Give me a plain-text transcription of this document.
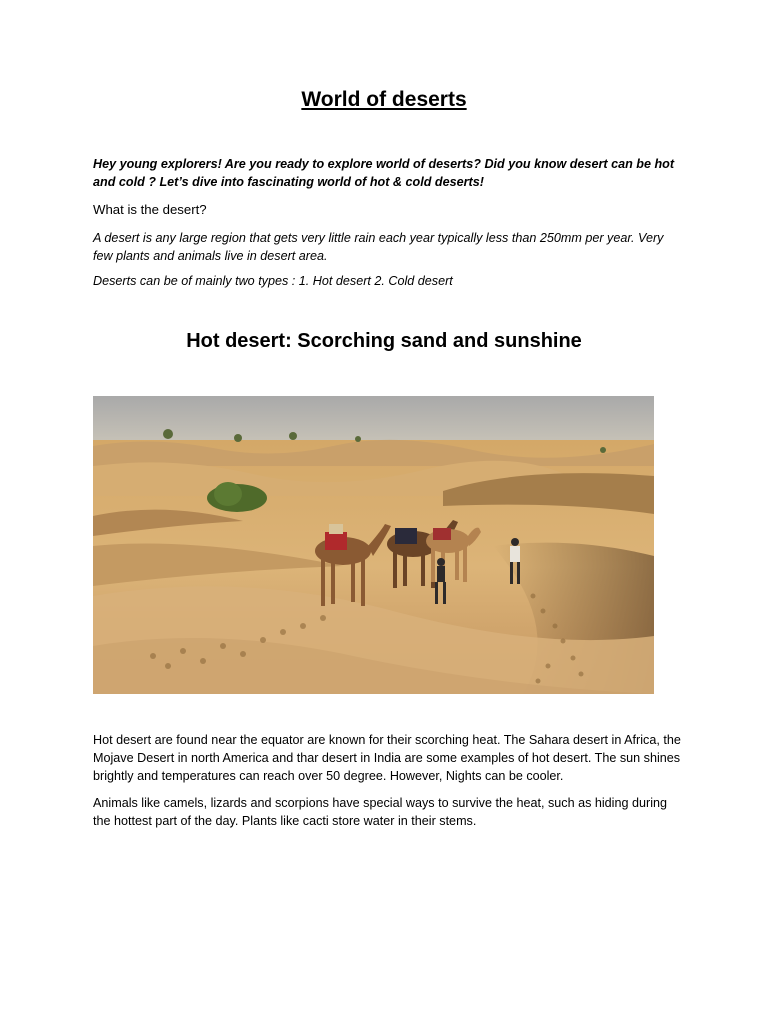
World of deserts

Hey young explorers! Are you ready to explore world of deserts? Did you know desert can be hot and cold ? Let’s dive into fascinating world of hot & cold deserts!

What is the desert?

A desert is any large region that gets very little rain each year typically less than 250mm per year. Very few plants and animals live in desert area.

Deserts can be of mainly two types : 1. Hot desert 2. Cold desert

Hot desert: Scorching sand and sunshine

Hot desert are found near the equator are known for their scorching heat. The Sahara desert in Africa, the Mojave Desert in north America and thar desert in India are some examples of hot desert. The sun shines brightly and temperatures can reach over 50 degree. However, Nights can be cooler.

Animals like camels, lizards and scorpions have special ways to survive the heat, such as hiding during the hottest part of the day. Plants like cacti store water in their stems.
